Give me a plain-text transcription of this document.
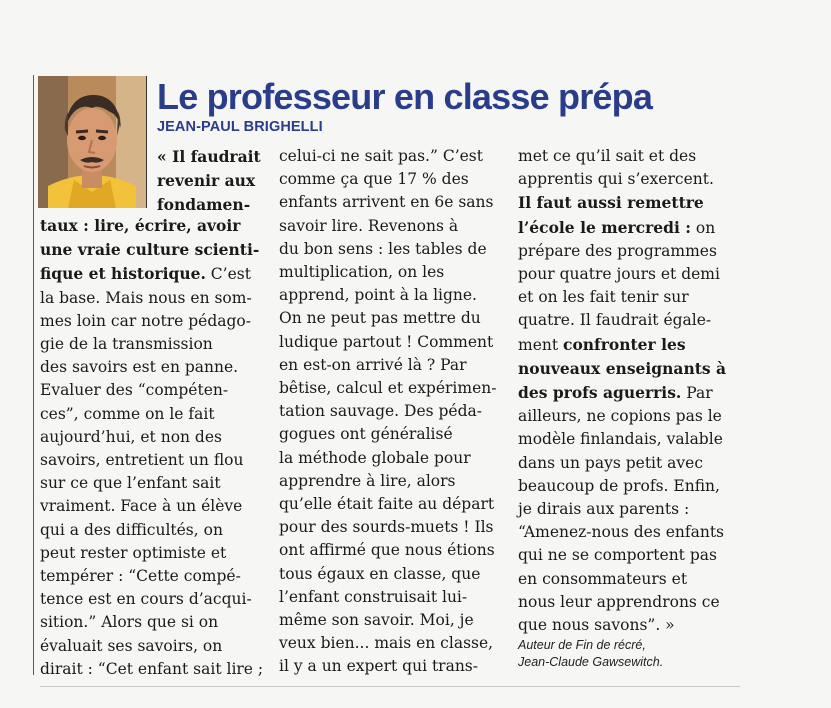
Le professeur en classe prépa
JEAN-PAUL BRIGHELLI
« Il faudrait
revenir aux
fondamen-
taux : lire, écrire, avoir
une vraie culture scienti-
fique et historique. C’est
la base. Mais nous en som-
mes loin car notre pédago-
gie de la transmission
des savoirs est en panne.
Evaluer des “compéten-
ces”, comme on le fait
aujourd’hui, et non des
savoirs, entretient un flou
sur ce que l’enfant sait
vraiment. Face à un élève
qui a des difficultés, on
peut rester optimiste et
tempérer : “Cette compé-
tence est en cours d’acqui-
sition.” Alors que si on
évaluait ses savoirs, on
dirait : “Cet enfant sait lire ;
celui-ci ne sait pas.” C’est
comme ça que 17 % des
enfants arrivent en 6e sans
savoir lire. Revenons à
du bon sens : les tables de
multiplication, on les
apprend, point à la ligne.
On ne peut pas mettre du
ludique partout ! Comment
en est-on arrivé là ? Par
bêtise, calcul et expérimen-
tation sauvage. Des péda-
gogues ont généralisé
la méthode globale pour
apprendre à lire, alors
qu’elle était faite au départ
pour des sourds-muets ! Ils
ont affirmé que nous étions
tous égaux en classe, que
l’enfant construisait lui-
même son savoir. Moi, je
veux bien... mais en classe,
il y a un expert qui trans-
met ce qu’il sait et des
apprentis qui s’exercent.
Il faut aussi remettre
l’école le mercredi : on
prépare des programmes
pour quatre jours et demi
et on les fait tenir sur
quatre. Il faudrait égale-
ment confronter les
nouveaux enseignants à
des profs aguerris. Par
ailleurs, ne copions pas le
modèle finlandais, valable
dans un pays petit avec
beaucoup de profs. Enfin,
je dirais aux parents :
“Amenez-nous des enfants
qui ne se comportent pas
en consommateurs et
nous leur apprendrons ce
que nous savons”. »
Auteur de Fin de récré,
Jean-Claude Gawsewitch.
